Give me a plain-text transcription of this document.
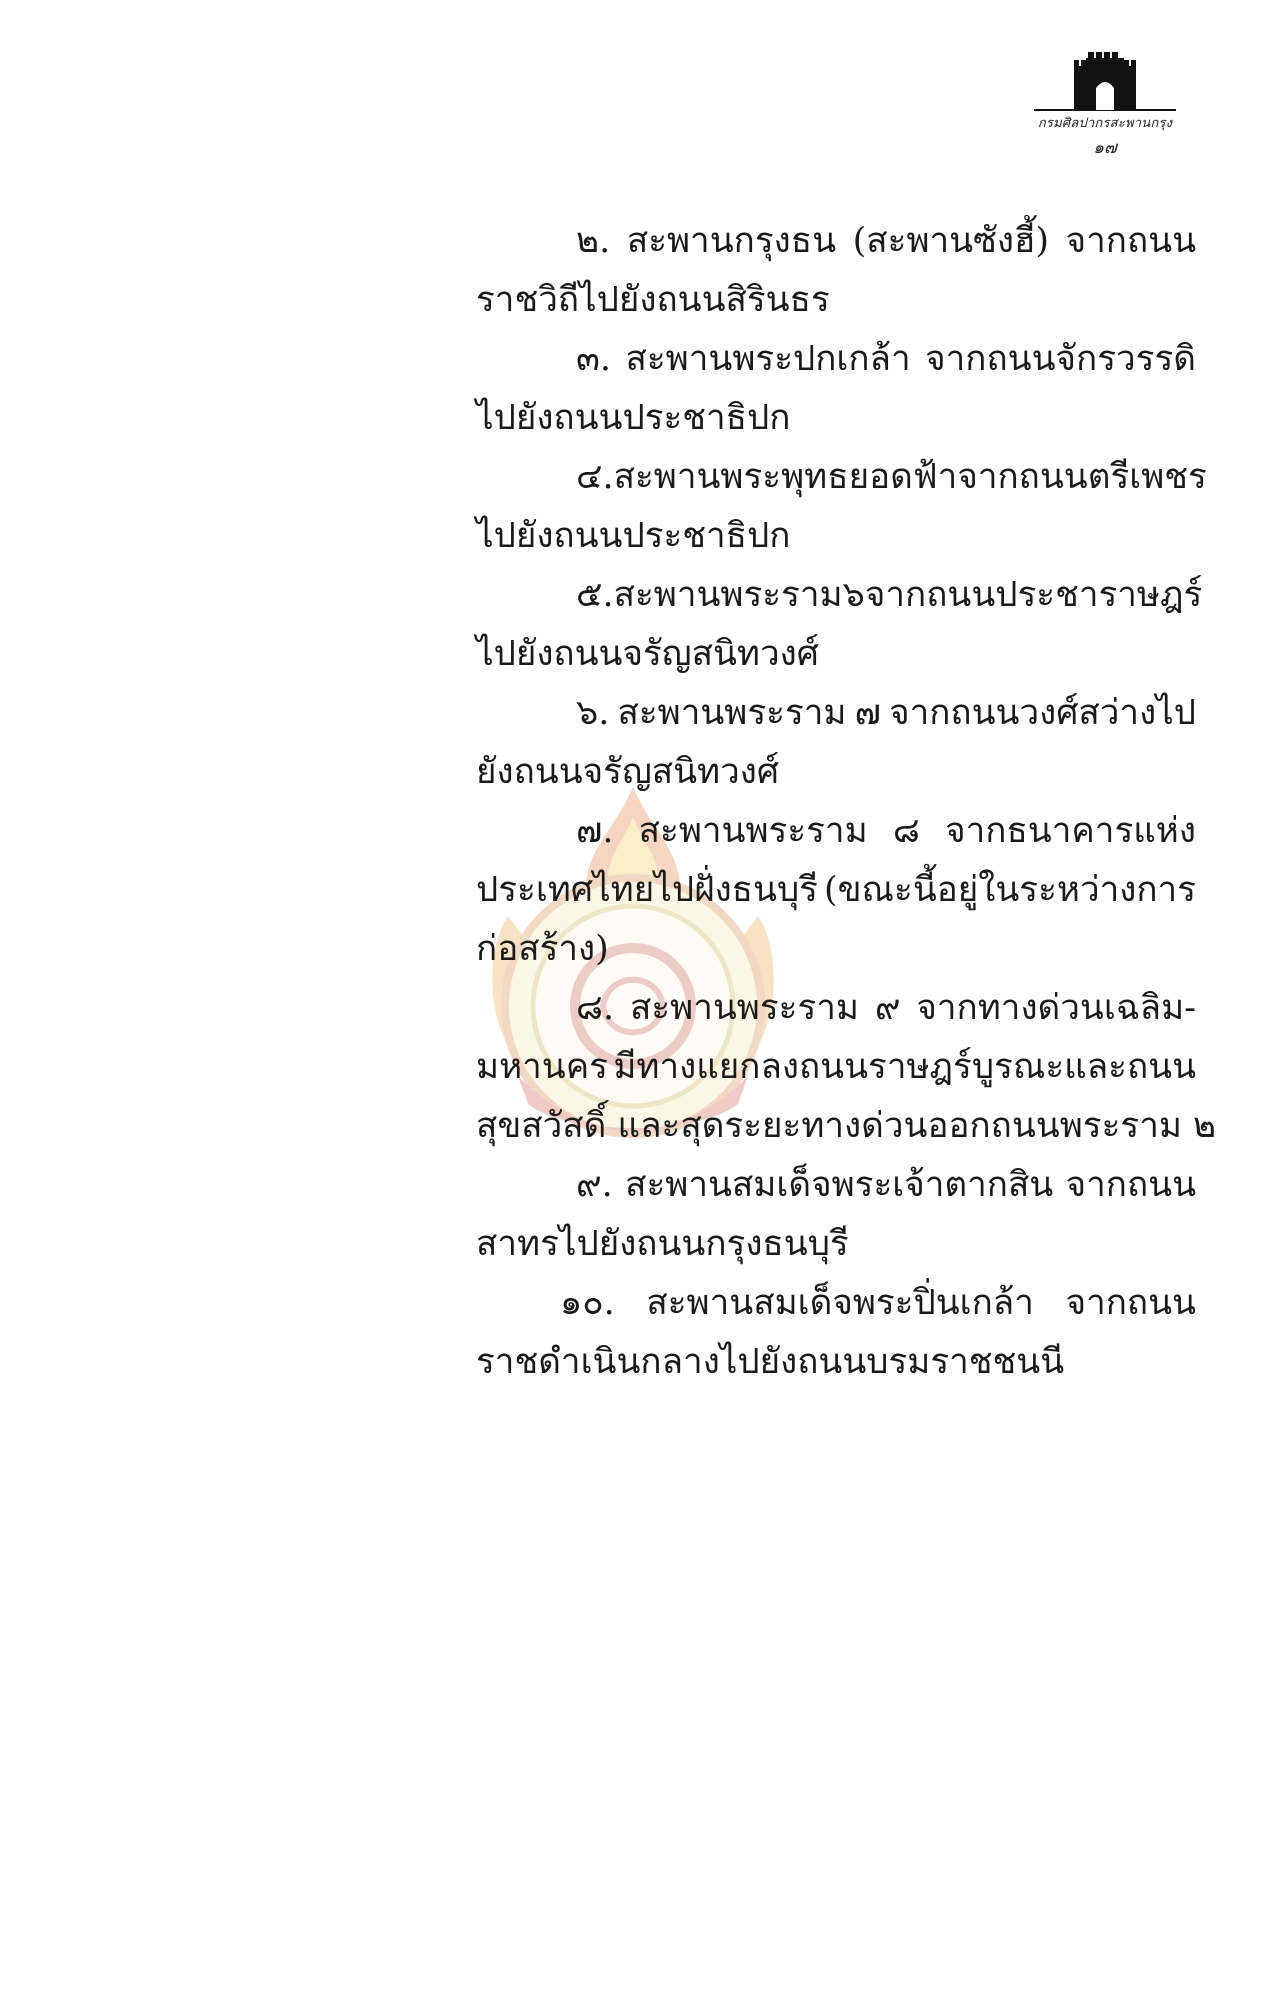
กรมศิลปากรสะพานกรุง
๑๗
๒. สะพานกรุงธน (สะพานซังฮี้) จากถนน
ราชวิถีไปยังถนนสิรินธร
๓. สะพานพระปกเกล้า จากถนนจักรวรรดิ
ไปยังถนนประชาธิปก
๔. สะพานพระพุทธยอดฟ้า จากถนนตรีเพชร
ไปยังถนนประชาธิปก
๕. สะพานพระราม ๖ จากถนนประชาราษฎร์
ไปยังถนนจรัญสนิทวงศ์
๖. สะพานพระราม ๗ จากถนนวงศ์สว่างไป
ยังถนนจรัญสนิทวงศ์
๗. สะพานพระราม ๘ จากธนาคารแห่ง
ประเทศไทยไปฝั่งธนบุรี (ขณะนี้อยู่ในระหว่างการ
ก่อสร้าง)
๘. สะพานพระราม ๙ จากทางด่วนเฉลิม-
มหานคร มีทางแยกลงถนนราษฎร์บูรณะและถนน
สุขสวัสดิ์ และสุดระยะทางด่วนออกถนนพระราม ๒
๙. สะพานสมเด็จพระเจ้าตากสิน จากถนน
สาทรไปยังถนนกรุงธนบุรี
๑๐. สะพานสมเด็จพระปิ่นเกล้า จากถนน
ราชดำเนินกลางไปยังถนนบรมราชชนนี
